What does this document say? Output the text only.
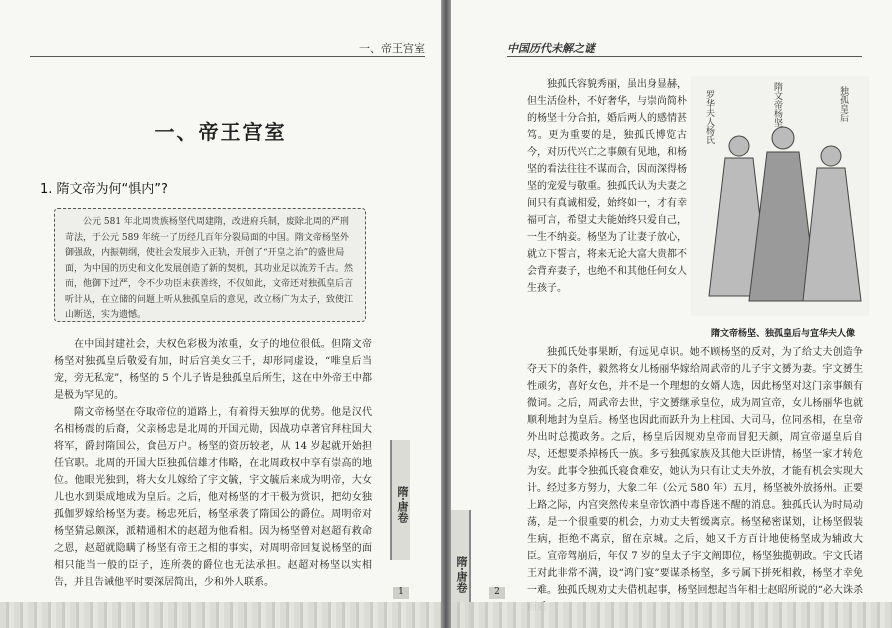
一、帝王宫室
一、帝王宫室
1. 隋文帝为何“惧内”?
公元 581 年北周贵族杨坚代周建隋，改进府兵制，废除北周的严刑苛法，于公元 589 年统一了历经几百年分裂局面的中国。隋文帝杨坚外御强敌，内振朝纲，使社会发展步入正轨，开创了“开皇之治”的盛世局面，为中国的历史和文化发展创造了新的契机，其功业足以流芳千古。然而，他御下过严，令不少功臣未获善终，不仅如此，文帝还对独孤皇后言听计从，在立储的问题上听从独孤皇后的意见，改立杨广为太子，致使江山断送，实为遗憾。

在中国封建社会，夫权色彩极为浓重，女子的地位很低。但隋文帝杨坚对独孤皇后敬爱有加，时后宫美女三千，却形同虚设，“唯皇后当宠，旁无私宠”，杨坚的 5 个儿子皆是独孤皇后所生，这在中外帝王中都是极为罕见的。

隋文帝杨坚在夺取帝位的道路上，有着得天独厚的优势。他是汉代名相杨震的后裔，父亲杨忠是北周的开国元勋，因战功卓著官拜柱国大将军，爵封隋国公，食邑万户。杨坚的资历较老，从 14 岁起就开始担任官职。北周的开国大臣独孤信雄才伟略，在北周政权中享有崇高的地位。他眼光独到，将大女儿嫁给了宇文毓，宇文毓后来成为明帝，大女儿也水到渠成地成为皇后。之后，他对杨坚的才干极为赏识，把幼女独孤伽罗嫁给杨坚为妻。杨忠死后，杨坚承袭了隋国公的爵位。周明帝对杨坚猜忌颇深，派精通相术的赵超为他看相。因为杨坚曾对赵超有救命之恩，赵超就隐瞒了杨坚有帝王之相的事实，对周明帝回复说杨坚的面相只能当一般的臣子，连所袭的爵位也无法承担。赵超对杨坚以实相告，并且告诫他平时要深居简出，少和外人联系。

隋·唐卷
1
中国历代未解之谜

独孤氏容貌秀丽，虽出身显赫，但生活俭朴，不好奢华，与崇尚简朴的杨坚十分合拍，婚后两人的感情甚笃。更为重要的是，独孤氏博览古今，对历代兴亡之事颇有见地，和杨坚的看法往往不谋而合，因而深得杨坚的宠爱与敬重。独孤氏认为夫妻之间只有真诚相爱，始终如一，才有幸福可言，希望丈夫能始终只爱自己，一生不纳妾。杨坚为了让妻子放心，就立下誓言，将来无论大富大贵都不会背弃妻子，也绝不和其他任何女人生孩子。

罗华夫人杨氏	隋文帝杨坚	独孤皇后
隋文帝杨坚、独孤皇后与宣华夫人像

独孤氏处事果断，有远见卓识。她不顾杨坚的反对，为了给丈夫创造争夺天下的条件，毅然将女儿杨丽华嫁给周武帝的儿子宇文赟为妻。宇文赟生性顽劣，喜好女色，并不是一个理想的女婿人选，因此杨坚对这门亲事颇有微词。之后，周武帝去世，宇文赟继承皇位，成为周宣帝，女儿杨丽华也就顺利地封为皇后。杨坚也因此而跃升为上柱国、大司马，位同丞相，在皇帝外出时总揽政务。之后，杨皇后因规劝皇帝而冒犯天颜，周宣帝逼皇后自尽，还想要杀掉杨氏一族。多亏独孤家族及其他大臣讲情，杨坚一家才转危为安。此事令独孤氏寝食难安，她认为只有让丈夫外放，才能有机会实现大计。经过多方努力，大象二年（公元 580 年）五月，杨坚被外放扬州。正要上路之际，内宫突然传来皇帝饮酒中毒昏迷不醒的消息。独孤氏认为时局动荡，是一个很重要的机会，力劝丈夫暂缓离京。杨坚秘密谋划，让杨坚假装生病，拒绝不离京，留在京城。之后，她又千方百计地使杨坚成为辅政大臣。宣帝驾崩后，年仅 7 岁的皇太子宇文阐即位，杨坚独揽朝政。宇文氏诸王对此非常不满，设“鸿门宴”要谋杀杨坚，多亏属下拼死相救，杨坚才幸免一难。独孤氏规劝丈夫借机起事，杨坚回想起当年相士赵昭所说的“必大诛杀

隋·唐卷	2
